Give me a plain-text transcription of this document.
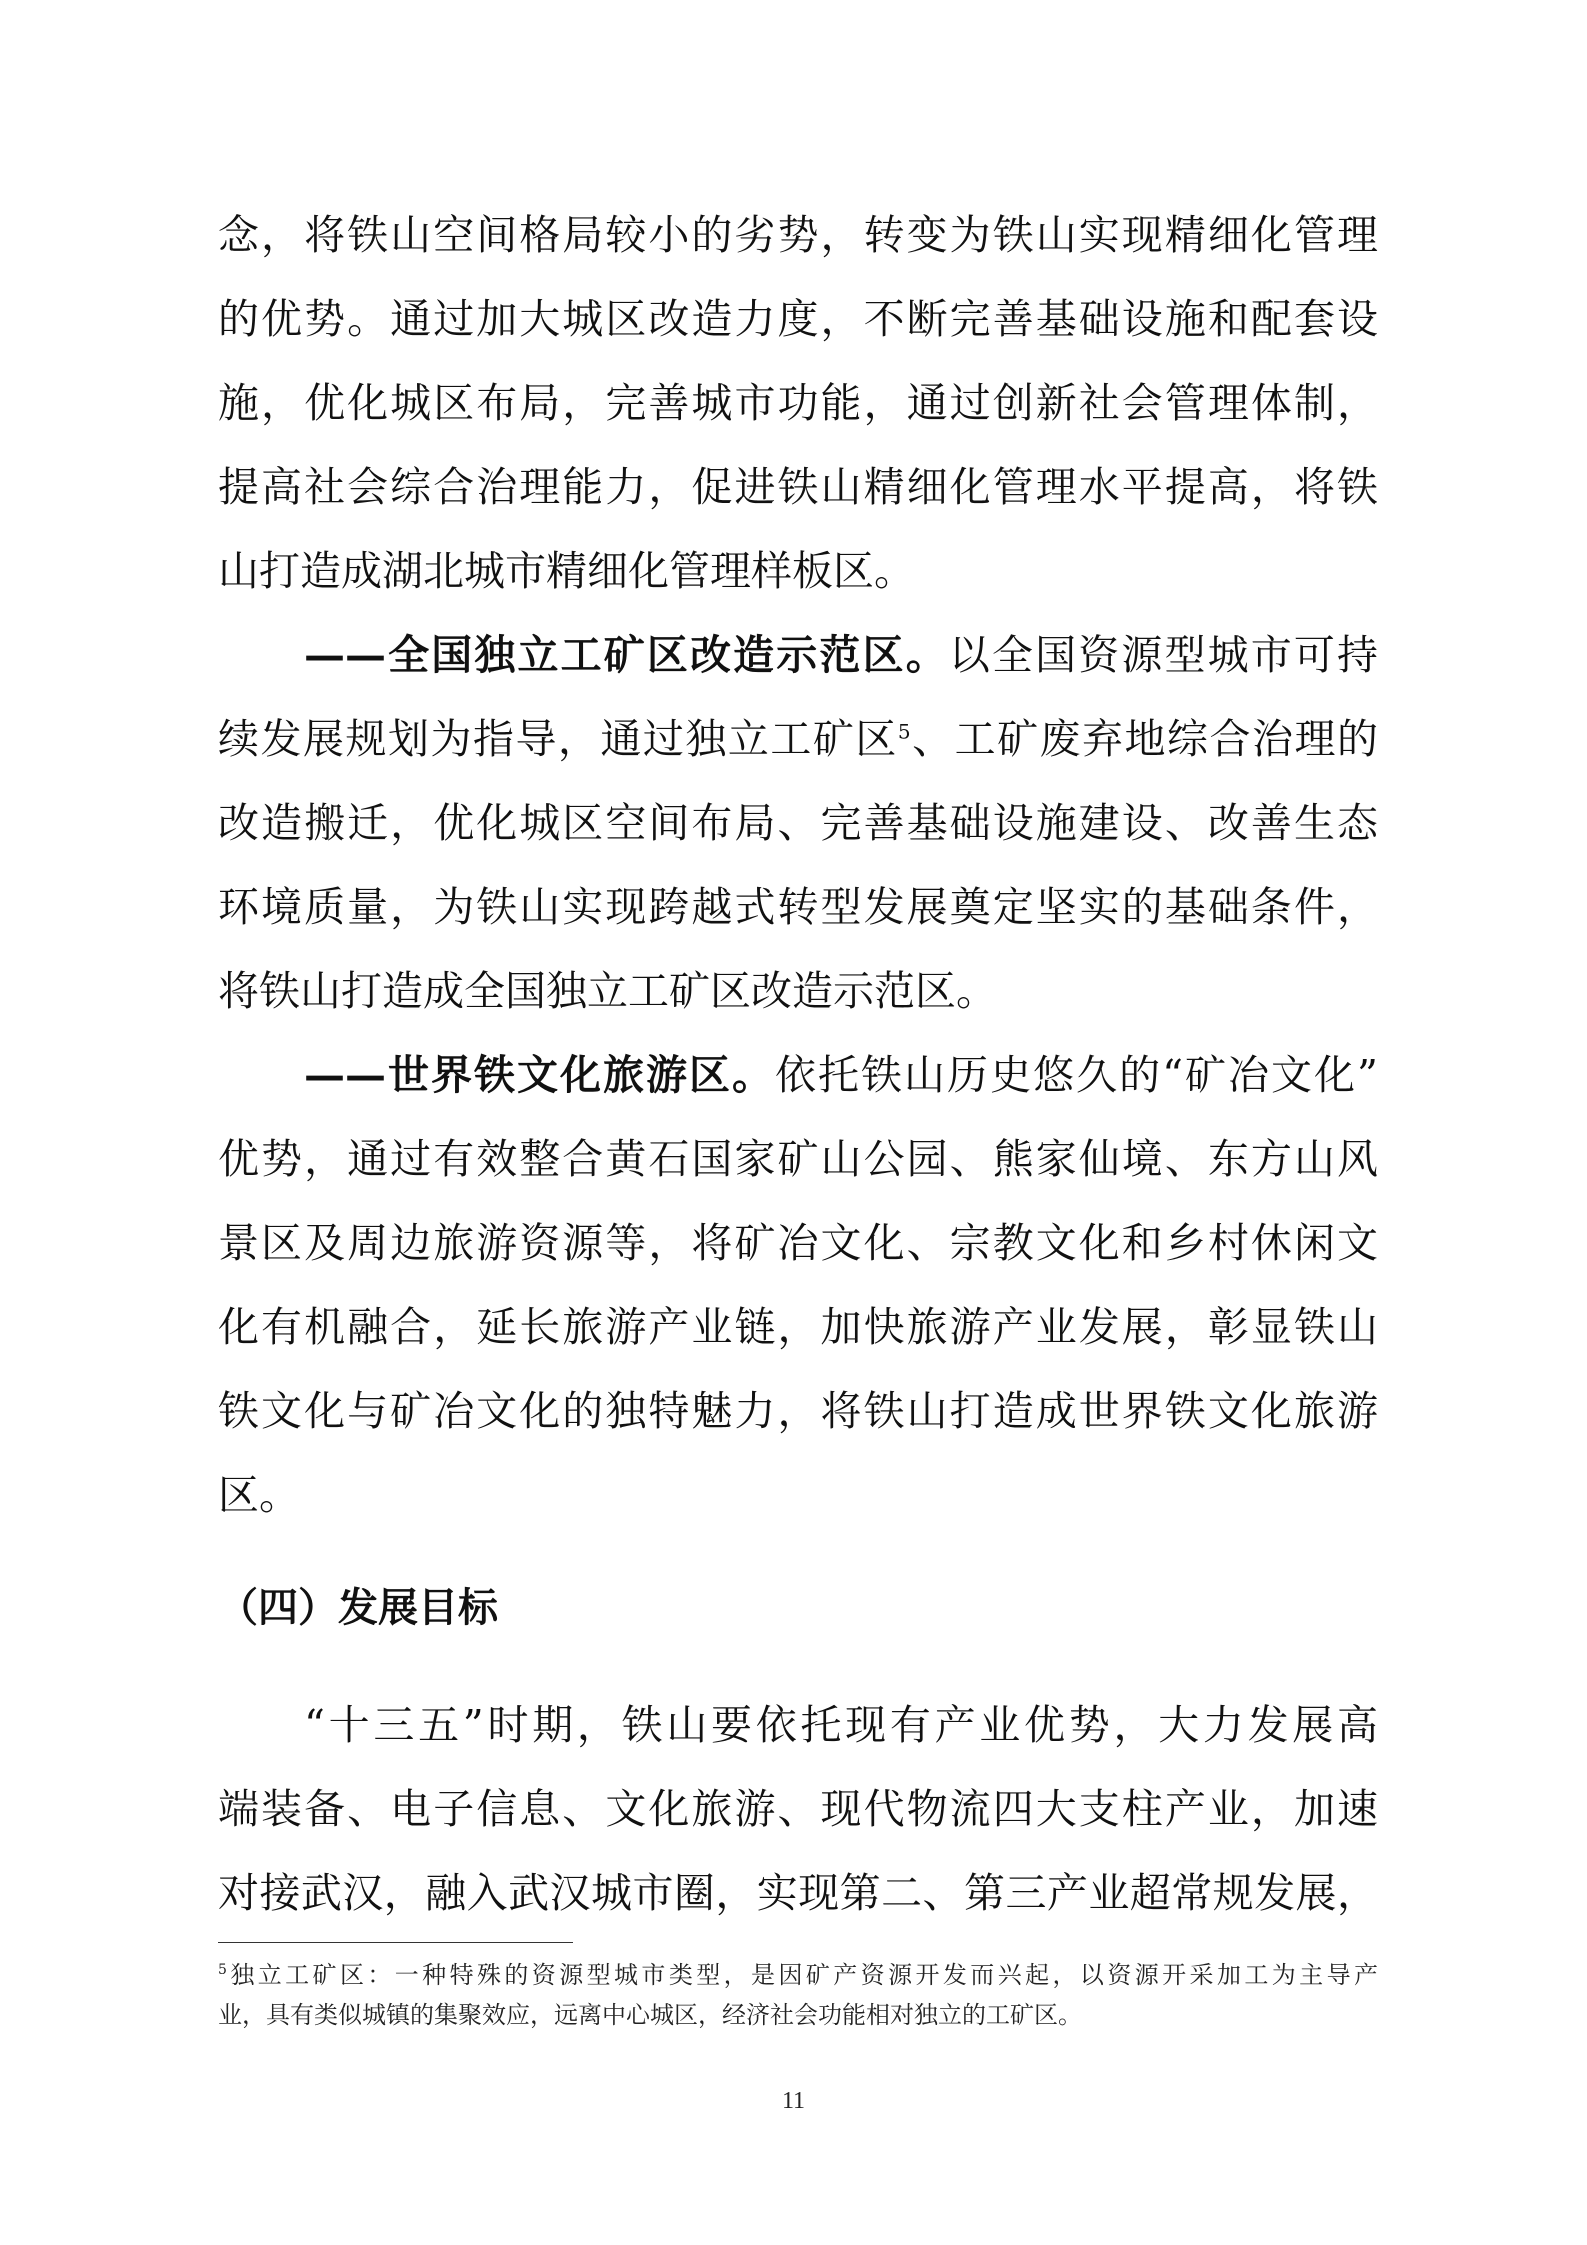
念，将铁山空间格局较小的劣势，转变为铁山实现精细化管理
的优势。通过加大城区改造力度，不断完善基础设施和配套设
施，优化城区布局，完善城市功能，通过创新社会管理体制，
提高社会综合治理能力，促进铁山精细化管理水平提高，将铁
山打造成湖北城市精细化管理样板区。
——全国独立工矿区改造示范区。以全国资源型城市可持
续发展规划为指导，通过独立工矿区$^5$、工矿废弃地综合治理的
改造搬迁，优化城区空间布局、完善基础设施建设、改善生态
环境质量，为铁山实现跨越式转型发展奠定坚实的基础条件，
将铁山打造成全国独立工矿区改造示范区。
——世界铁文化旅游区。依托铁山历史悠久的“矿冶文化”
优势，通过有效整合黄石国家矿山公园、熊家仙境、东方山风
景区及周边旅游资源等，将矿冶文化、宗教文化和乡村休闲文
化有机融合，延长旅游产业链，加快旅游产业发展，彰显铁山
铁文化与矿冶文化的独特魅力，将铁山打造成世界铁文化旅游
区。
（四）发展目标
“十三五”时期，铁山要依托现有产业优势，大力发展高
端装备、电子信息、文化旅游、现代物流四大支柱产业，加速
对接武汉，融入武汉城市圈，实现第二、第三产业超常规发展，
$^5$独立工矿区：一种特殊的资源型城市类型，是因矿产资源开发而兴起，以资源开采加工为主导产
业，具有类似城镇的集聚效应，远离中心城区，经济社会功能相对独立的工矿区。
11
